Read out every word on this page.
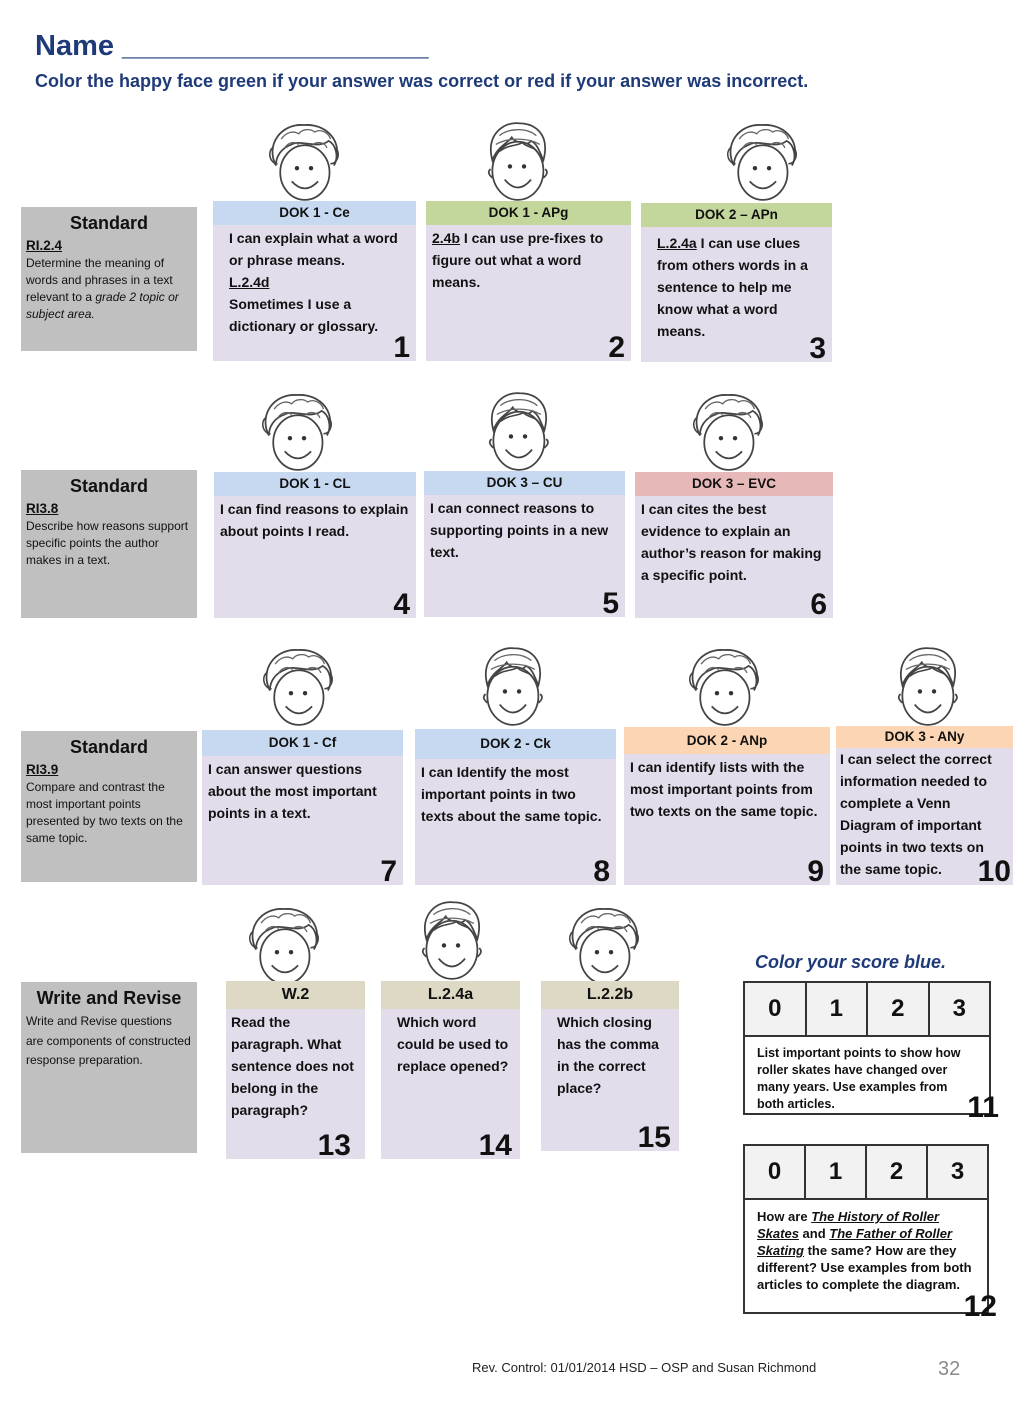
Name ___________________
Color the happy face green if your answer was correct or red if your answer was incorrect.
Standard
RI.2.4
Determine the meaning of words and phrases in a text relevant to a grade 2 topic or subject area.
Standard
RI3.8
Describe how reasons support specific points the author makes in a text.
Standard
RI3.9
Compare and contrast the most important points presented by two texts on the same topic.
Write and Revise
Write and Revise questions are components of constructed response preparation.
DOK 1 - Ce
I can explain what a word or phrase means.
L.2.4d
Sometimes I use a dictionary or glossary.
1
DOK 1 - APg
2.4b I can use pre-fixes to figure out what a word means.
2
DOK 2 – APn
L.2.4a I can use clues from others words in a sentence to help me know what a word means.
3
DOK 1 - CL
I can find reasons to explain about points I read.
4
DOK 3 – CU
I can connect reasons to supporting points in a new text.
5
DOK 3 – EVC
I can cites the best evidence to explain an author’s reason for making a specific point.
6
DOK 1 - Cf
I can answer questions about the most important points in a text.
7
DOK 2 - Ck
I can Identify the most important points in two texts about the same topic.
8
DOK 2 - ANp
I can identify lists with the most important points from two texts on the same topic.
9
DOK 3 - ANy
I can select the correct information needed to complete a Venn Diagram of important points in two texts on the same topic.	10
W.2
Read the paragraph. What sentence does not belong in the paragraph?
13
L.2.4a
Which word could be used to replace opened?
14
L.2.2b
Which closing has the comma in the correct place?
15
Color your score blue.
0	1	2	3
List important points to show how roller skates have changed over many years. Use examples from both articles.	11
0	1	2	3
How are The History of Roller Skates and The Father of Roller Skating the same? How are they different? Use examples from both articles to complete the diagram.
12
Rev. Control: 01/01/2014 HSD – OSP and Susan Richmond	32
